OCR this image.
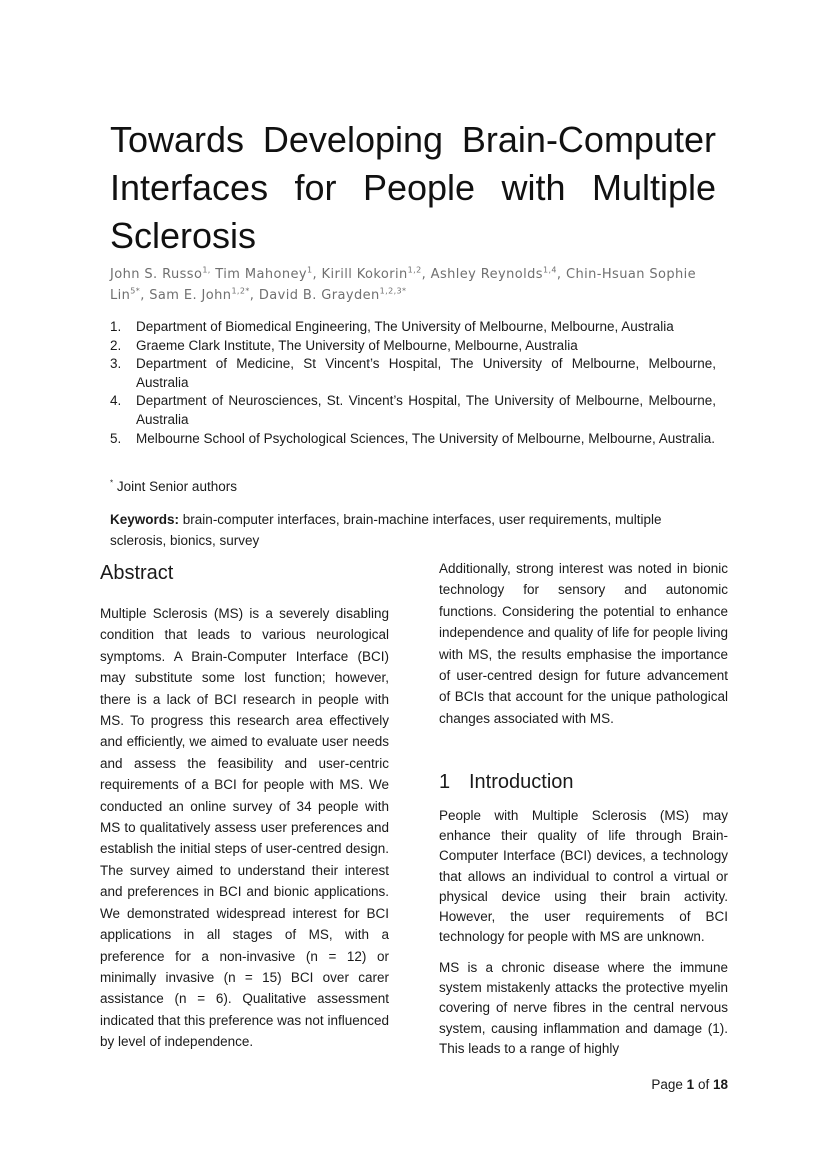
Towards Developing Brain-Computer
Interfaces for People with Multiple
Sclerosis

John S. Russo$^{1,}$ Tim Mahoney$^1$, Kirill Kokorin$^{1,2}$, Ashley Reynolds$^{1,4}$, Chin-Hsuan Sophie Lin$^{5*}$, Sam E. John$^{1,2*}$, David B. Grayden$^{1,2,3*}$

1. Department of Biomedical Engineering, The University of Melbourne, Melbourne, Australia
2. Graeme Clark Institute, The University of Melbourne, Melbourne, Australia
3. Department of Medicine, St Vincent’s Hospital, The University of Melbourne, Melbourne, Australia
4. Department of Neurosciences, St. Vincent’s Hospital, The University of Melbourne, Melbourne, Australia
5. Melbourne School of Psychological Sciences, The University of Melbourne, Melbourne, Australia.
* Joint Senior authors
Keywords: brain-computer interfaces, brain-machine interfaces, user requirements, multiple sclerosis, bionics, survey
Abstract

Multiple Sclerosis (MS) is a severely disabling condition that leads to various neurological symptoms. A Brain-Computer Interface (BCI) may substitute some lost function; however, there is a lack of BCI research in people with MS. To progress this research area effectively and efficiently, we aimed to evaluate user needs and assess the feasibility and user-centric requirements of a BCI for people with MS. We conducted an online survey of 34 people with MS to qualitatively assess user preferences and establish the initial steps of user-centred design. The survey aimed to understand their interest and preferences in BCI and bionic applications. We demonstrated widespread interest for BCI applications in all stages of MS, with a preference for a non-invasive (n = 12) or minimally invasive (n = 15) BCI over carer assistance (n = 6). Qualitative assessment indicated that this preference was not influenced by level of independence.

Additionally, strong interest was noted in bionic technology for sensory and autonomic functions. Considering the potential to enhance independence and quality of life for people living with MS, the results emphasise the importance of user-centred design for future advancement of BCIs that account for the unique pathological changes associated with MS.

1 Introduction

People with Multiple Sclerosis (MS) may enhance their quality of life through Brain-Computer Interface (BCI) devices, a technology that allows an individual to control a virtual or physical device using their brain activity. However, the user requirements of BCI technology for people with MS are unknown.

MS is a chronic disease where the immune system mistakenly attacks the protective myelin covering of nerve fibres in the central nervous system, causing inflammation and damage (1). This leads to a range of highly

Page 1 of 18
